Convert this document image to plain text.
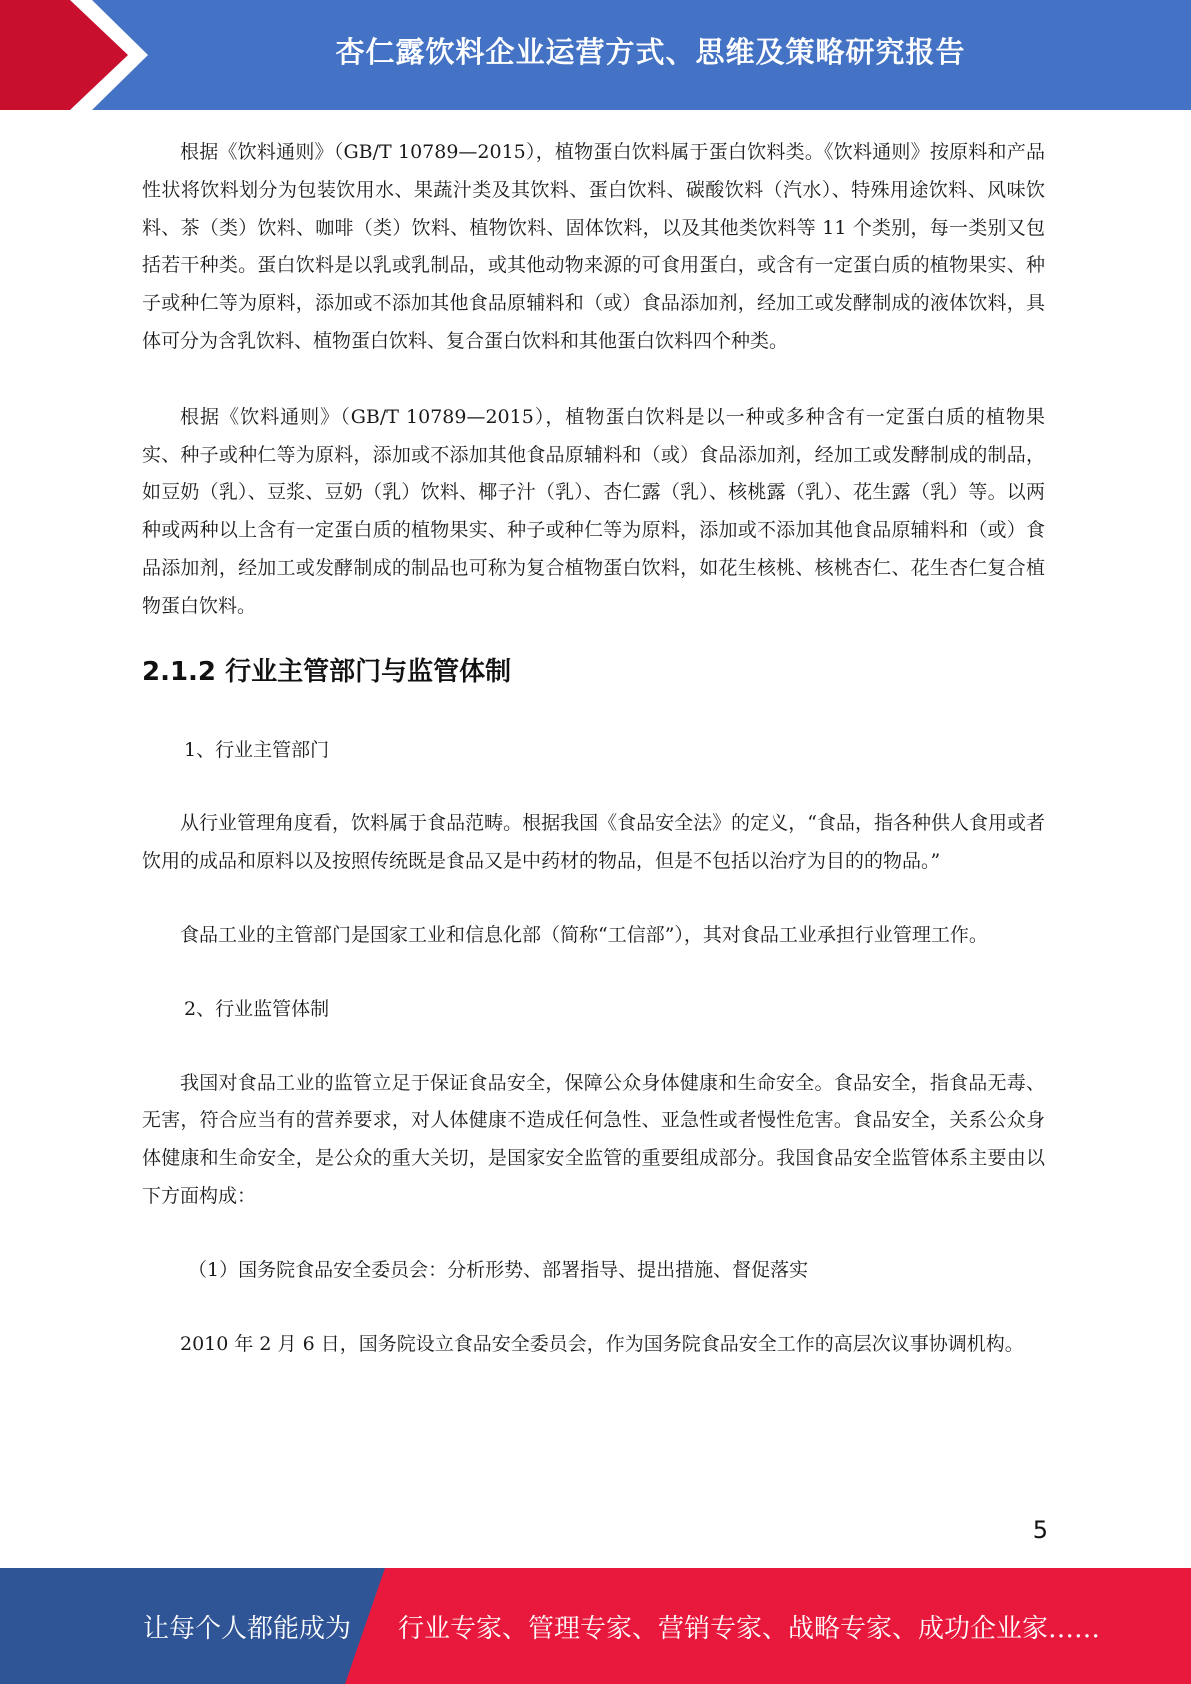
杏仁露饮料企业运营方式、思维及策略研究报告

根据《饮料通则》（GB/T 10789—2015），植物蛋白饮料属于蛋白饮料类。《饮料通则》按原料和产品性状将饮料划分为包装饮用水、果蔬汁类及其饮料、蛋白饮料、碳酸饮料（汽水）、特殊用途饮料、风味饮料、茶（类）饮料、咖啡（类）饮料、植物饮料、固体饮料，以及其他类饮料等 11 个类别，每一类别又包括若干种类。蛋白饮料是以乳或乳制品，或其他动物来源的可食用蛋白，或含有一定蛋白质的植物果实、种子或种仁等为原料，添加或不添加其他食品原辅料和（或）食品添加剂，经加工或发酵制成的液体饮料，具体可分为含乳饮料、植物蛋白饮料、复合蛋白饮料和其他蛋白饮料四个种类。

根据《饮料通则》（GB/T 10789—2015），植物蛋白饮料是以一种或多种含有一定蛋白质的植物果实、种子或种仁等为原料，添加或不添加其他食品原辅料和（或）食品添加剂，经加工或发酵制成的制品，如豆奶（乳）、豆浆、豆奶（乳）饮料、椰子汁（乳）、杏仁露（乳）、核桃露（乳）、花生露（乳）等。以两种或两种以上含有一定蛋白质的植物果实、种子或种仁等为原料，添加或不添加其他食品原辅料和（或）食品添加剂，经加工或发酵制成的制品也可称为复合植物蛋白饮料，如花生核桃、核桃杏仁、花生杏仁复合植物蛋白饮料。

2.1.2 行业主管部门与监管体制

1、行业主管部门

从行业管理角度看，饮料属于食品范畴。根据我国《食品安全法》的定义，“食品，指各种供人食用或者饮用的成品和原料以及按照传统既是食品又是中药材的物品，但是不包括以治疗为目的的物品。”

食品工业的主管部门是国家工业和信息化部（简称“工信部”），其对食品工业承担行业管理工作。

2、行业监管体制

我国对食品工业的监管立足于保证食品安全，保障公众身体健康和生命安全。食品安全，指食品无毒、无害，符合应当有的营养要求，对人体健康不造成任何急性、亚急性或者慢性危害。食品安全，关系公众身体健康和生命安全，是公众的重大关切，是国家安全监管的重要组成部分。我国食品安全监管体系主要由以下方面构成：

（1）国务院食品安全委员会：分析形势、部署指导、提出措施、督促落实

2010 年 2 月 6 日，国务院设立食品安全委员会，作为国务院食品安全工作的高层次议事协调机构。

5
让每个人都能成为 行业专家、管理专家、营销专家、战略专家、成功企业家……
